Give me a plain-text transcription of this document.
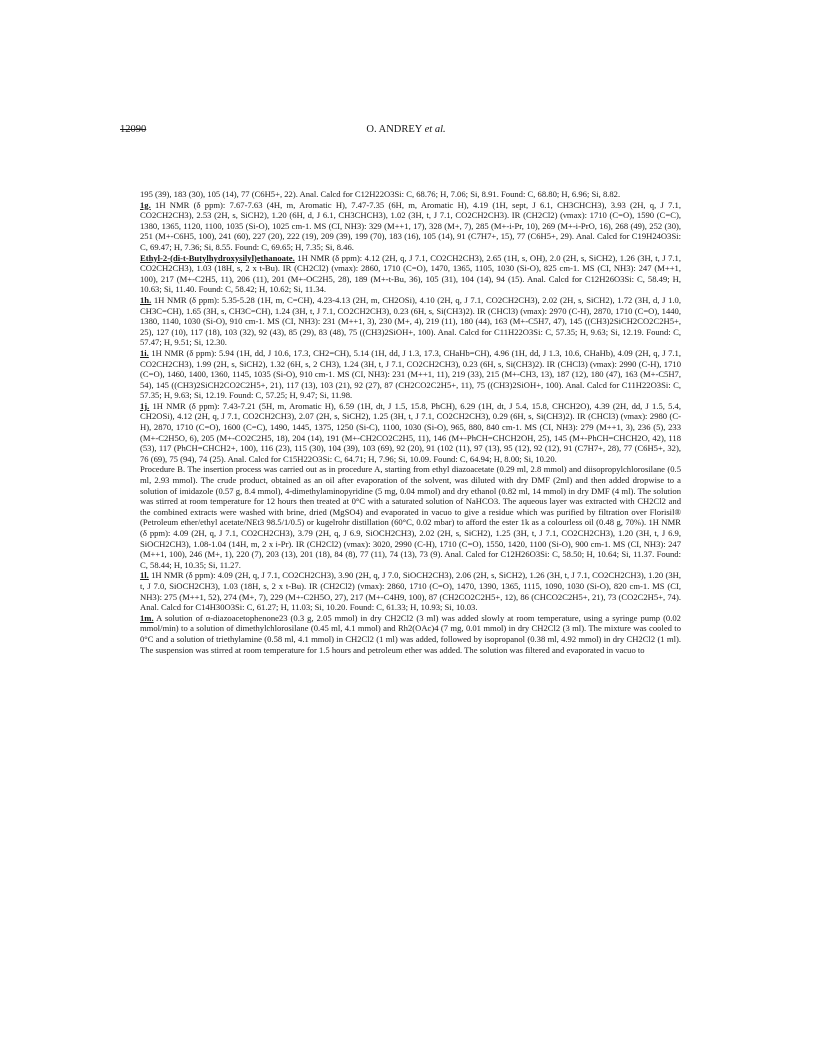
12090	O. ANDREY et al.

195 (39), 183 (30), 105 (14), 77 (C6H5+, 22). Anal. Calcd for C12H22O3Si: C, 68.76; H, 7.06; Si, 8.91. Found: C, 68.80; H, 6.96; Si, 8.82.

1g. 1H NMR (δ ppm): 7.67-7.63 (4H, m, Aromatic H), 7.47-7.35 (6H, m, Aromatic H), 4.19 (1H, sept, J 6.1, CH3CHCH3), 3.93 (2H, q, J 7.1, CO2CH2CH3), 2.53 (2H, s, SiCH2), 1.20 (6H, d, J 6.1, CH3CHCH3), 1.02 (3H, t, J 7.1, CO2CH2CH3). IR (CH2Cl2) (νmax): 1710 (C=O), 1590 (C=C), 1380, 1365, 1120, 1100, 1035 (Si-O), 1025 cm-1. MS (CI, NH3): 329 (M++1, 17), 328 (M+, 7), 285 (M+-i-Pr, 10), 269 (M+-i-PrO, 16), 268 (49), 252 (30), 251 (M+-C6H5, 100), 241 (60), 227 (20), 222 (19), 209 (39), 199 (70), 183 (16), 105 (14), 91 (C7H7+, 15), 77 (C6H5+, 29). Anal. Calcd for C19H24O3Si: C, 69.47; H, 7.36; Si, 8.55. Found: C, 69.65; H, 7.35; Si, 8.46.

Ethyl-2-(di-t-Butylhydroxysilyl)ethanoate. 1H NMR (δ ppm): 4.12 (2H, q, J 7.1, CO2CH2CH3), 2.65 (1H, s, OH), 2.0 (2H, s, SiCH2), 1.26 (3H, t, J 7.1, CO2CH2CH3), 1.03 (18H, s, 2 x t-Bu). IR (CH2Cl2) (νmax): 2860, 1710 (C=O), 1470, 1365, 1105, 1030 (Si-O), 825 cm-1. MS (CI, NH3): 247 (M++1, 100), 217 (M+-C2H5, 11), 206 (11), 201 (M+-OC2H5, 28), 189 (M+-t-Bu, 36), 105 (31), 104 (14), 94 (15). Anal. Calcd for C12H26O3Si: C, 58.49; H, 10.63; Si, 11.40. Found: C, 58.42; H, 10.62; Si, 11.34.

1h. 1H NMR (δ ppm): 5.35-5.28 (1H, m, C=CH), 4.23-4.13 (2H, m, CH2OSi), 4.10 (2H, q, J 7.1, CO2CH2CH3), 2.02 (2H, s, SiCH2), 1.72 (3H, d, J 1.0, CH3C=CH), 1.65 (3H, s, CH3C=CH), 1.24 (3H, t, J 7.1, CO2CH2CH3), 0.23 (6H, s, Si(CH3)2). IR (CHCl3) (νmax): 2970 (C-H), 2870, 1710 (C=O), 1440, 1380, 1140, 1030 (Si-O), 910 cm-1. MS (CI, NH3): 231 (M++1, 3), 230 (M+, 4), 219 (11), 180 (44), 163 (M+-C5H7, 47), 145 ((CH3)2SiCH2CO2C2H5+, 25), 127 (10), 117 (18), 103 (32), 92 (43), 85 (29), 83 (48), 75 ((CH3)2SiOH+, 100). Anal. Calcd for C11H22O3Si: C, 57.35; H, 9.63; Si, 12.19. Found: C, 57.47; H, 9.51; Si, 12.30.

1i. 1H NMR (δ ppm): 5.94 (1H, dd, J 10.6, 17.3, CH2=CH), 5.14 (1H, dd, J 1.3, 17.3, CHaHb=CH), 4.96 (1H, dd, J 1.3, 10.6, CHaHb), 4.09 (2H, q, J 7.1, CO2CH2CH3), 1.99 (2H, s, SiCH2), 1.32 (6H, s, 2 CH3), 1.24 (3H, t, J 7.1, CO2CH2CH3), 0.23 (6H, s, Si(CH3)2). IR (CHCl3) (νmax): 2990 (C-H), 1710 (C=O), 1460, 1400, 1360, 1145, 1035 (Si-O), 910 cm-1. MS (CI, NH3): 231 (M++1, 11), 219 (33), 215 (M+-CH3, 13), 187 (12), 180 (47), 163 (M+-C5H7, 54), 145 ((CH3)2SiCH2CO2C2H5+, 21), 117 (13), 103 (21), 92 (27), 87 (CH2CO2C2H5+, 11), 75 ((CH3)2SiOH+, 100). Anal. Calcd for C11H22O3Si: C, 57.35; H, 9.63; Si, 12.19. Found: C, 57.25; H, 9.47; Si, 11.98.

1j. 1H NMR (δ ppm): 7.43-7.21 (5H, m, Aromatic H), 6.59 (1H, dt, J 1.5, 15.8, PhCH), 6.29 (1H, dt, J 5.4, 15.8, CHCH2O), 4.39 (2H, dd, J 1.5, 5.4, CH2OSi), 4.12 (2H, q, J 7.1, CO2CH2CH3), 2.07 (2H, s, SiCH2), 1.25 (3H, t, J 7.1, CO2CH2CH3), 0.29 (6H, s, Si(CH3)2). IR (CHCl3) (νmax): 2980 (C-H), 2870, 1710 (C=O), 1600 (C=C), 1490, 1445, 1375, 1250 (Si-C), 1100, 1030 (Si-O), 965, 880, 840 cm-1. MS (CI, NH3): 279 (M++1, 3), 236 (5), 233 (M+-C2H5O, 6), 205 (M+-CO2C2H5, 18), 204 (14), 191 (M+-CH2CO2C2H5, 11), 146 (M+-PhCH=CHCH2OH, 25), 145 (M+-PhCH=CHCH2O, 42), 118 (53), 117 (PhCH=CHCH2+, 100), 116 (23), 115 (30), 104 (39), 103 (69), 92 (20), 91 (102 (11), 97 (13), 95 (12), 92 (12), 91 (C7H7+, 28), 77 (C6H5+, 32), 76 (69), 75 (94), 74 (25). Anal. Calcd for C15H22O3Si: C, 64.71; H, 7.96; Si, 10.09. Found: C, 64.94; H, 8.00; Si, 10.20.

Procedure B. The insertion process was carried out as in procedure A, starting from ethyl diazoacetate (0.29 ml, 2.8 mmol) and diisopropylchlorosilane (0.5 ml, 2.93 mmol). The crude product, obtained as an oil after evaporation of the solvent, was diluted with dry DMF (2ml) and then added dropwise to a solution of imidazole (0.57 g, 8.4 mmol), 4-dimethylaminopyridine (5 mg, 0.04 mmol) and dry ethanol (0.82 ml, 14 mmol) in dry DMF (4 ml). The solution was stirred at room temperature for 12 hours then treated at 0°C with a saturated solution of NaHCO3. The aqueous layer was extracted with CH2Cl2 and the combined extracts were washed with brine, dried (MgSO4) and evaporated in vacuo to give a residue which was purified by filtration over Florisil® (Petroleum ether/ethyl acetate/NEt3 98.5/1/0.5) or kugelrohr distillation (60°C, 0.02 mbar) to afford the ester 1k as a colourless oil (0.48 g, 70%). 1H NMR (δ ppm): 4.09 (2H, q, J 7.1, CO2CH2CH3), 3.79 (2H, q, J 6.9, SiOCH2CH3), 2.02 (2H, s, SiCH2), 1.25 (3H, t, J 7.1, CO2CH2CH3), 1.20 (3H, t, J 6.9, SiOCH2CH3), 1.08-1.04 (14H, m, 2 x i-Pr). IR (CH2Cl2) (νmax): 3020, 2990 (C-H), 1710 (C=O), 1550, 1420, 1100 (Si-O), 900 cm-1. MS (CI, NH3): 247 (M++1, 100), 246 (M+, 1), 220 (7), 203 (13), 201 (18), 84 (8), 77 (11), 74 (13), 73 (9). Anal. Calcd for C12H26O3Si: C, 58.50; H, 10.64; Si, 11.37. Found: C, 58.44; H, 10.35; Si, 11.27.

1l. 1H NMR (δ ppm): 4.09 (2H, q, J 7.1, CO2CH2CH3), 3.90 (2H, q, J 7.0, SiOCH2CH3), 2.06 (2H, s, SiCH2), 1.26 (3H, t, J 7.1, CO2CH2CH3), 1.20 (3H, t, J 7.0, SiOCH2CH3), 1.03 (18H, s, 2 x t-Bu). IR (CH2Cl2) (νmax): 2860, 1710 (C=O), 1470, 1390, 1365, 1115, 1090, 1030 (Si-O), 820 cm-1. MS (CI, NH3): 275 (M++1, 52), 274 (M+, 7), 229 (M+-C2H5O, 27), 217 (M+-C4H9, 100), 87 (CH2CO2C2H5+, 12), 86 (CHCO2C2H5+, 21), 73 (CO2C2H5+, 74). Anal. Calcd for C14H30O3Si: C, 61.27; H, 11.03; Si, 10.20. Found: C, 61.33; H, 10.93; Si, 10.03.

1m. A solution of α-diazoacetophenone23 (0.3 g, 2.05 mmol) in dry CH2Cl2 (3 ml) was added slowly at room temperature, using a syringe pump (0.02 mmol/min) to a solution of dimethylchlorosilane (0.45 ml, 4.1 mmol) and Rh2(OAc)4 (7 mg, 0.01 mmol) in dry CH2Cl2 (3 ml). The mixture was cooled to 0°C and a solution of triethylamine (0.58 ml, 4.1 mmol) in CH2Cl2 (1 ml) was added, followed by isopropanol (0.38 ml, 4.92 mmol) in dry CH2Cl2 (1 ml). The suspension was stirred at room temperature for 1.5 hours and petroleum ether was added. The solution was filtered and evaporated in vacuo to
